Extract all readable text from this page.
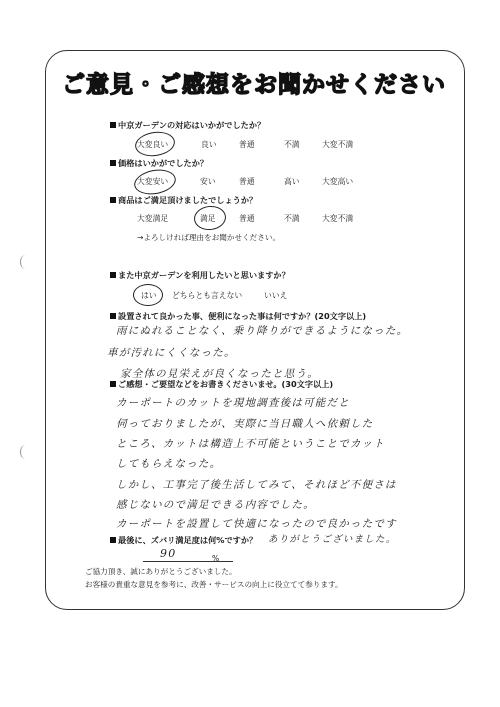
ご意見・ご感想をお聞かせください
中京ガーデンの対応はいかがでしたか？
大変良い	良い	普通	不満	大変不満
価格はいかがでしたか？
大変安い	安い	普通	高い	大変高い
商品はご満足頂けましたでしょうか？
大変満足	満足	普通	不満	大変不満
→よろしければ理由をお聞かせください。
また中京ガーデンを利用したいと思いますか？
はい どちらとも言えない	いいえ
設置されて良かった事、便利になった事は何ですか？(20文字以上)
雨にぬれることなく、乗り降りができるようになった。
車が汚れにくくなった。
家全体の見栄えが良くなったと思う。
ご感想・ご要望などをお書きくださいませ。(30文字以上)
カーポートのカットを現地調査後は可能だと
伺っておりましたが、実際に当日職人へ依頼した
ところ、カットは構造上不可能ということでカット
してもらえなった。
しかし、工事完了後生活してみて、それほど不便さは
感じないので満足できる内容でした。
カーポートを設置して快適になったので良かったです
ありがとうございました。
最後に、ズバリ満足度は何%ですか？
90	%
ご協力頂き、誠にありがとうございました。
お客様の貴重な意見を参考に、改善・サービスの向上に役立てて参ります。
